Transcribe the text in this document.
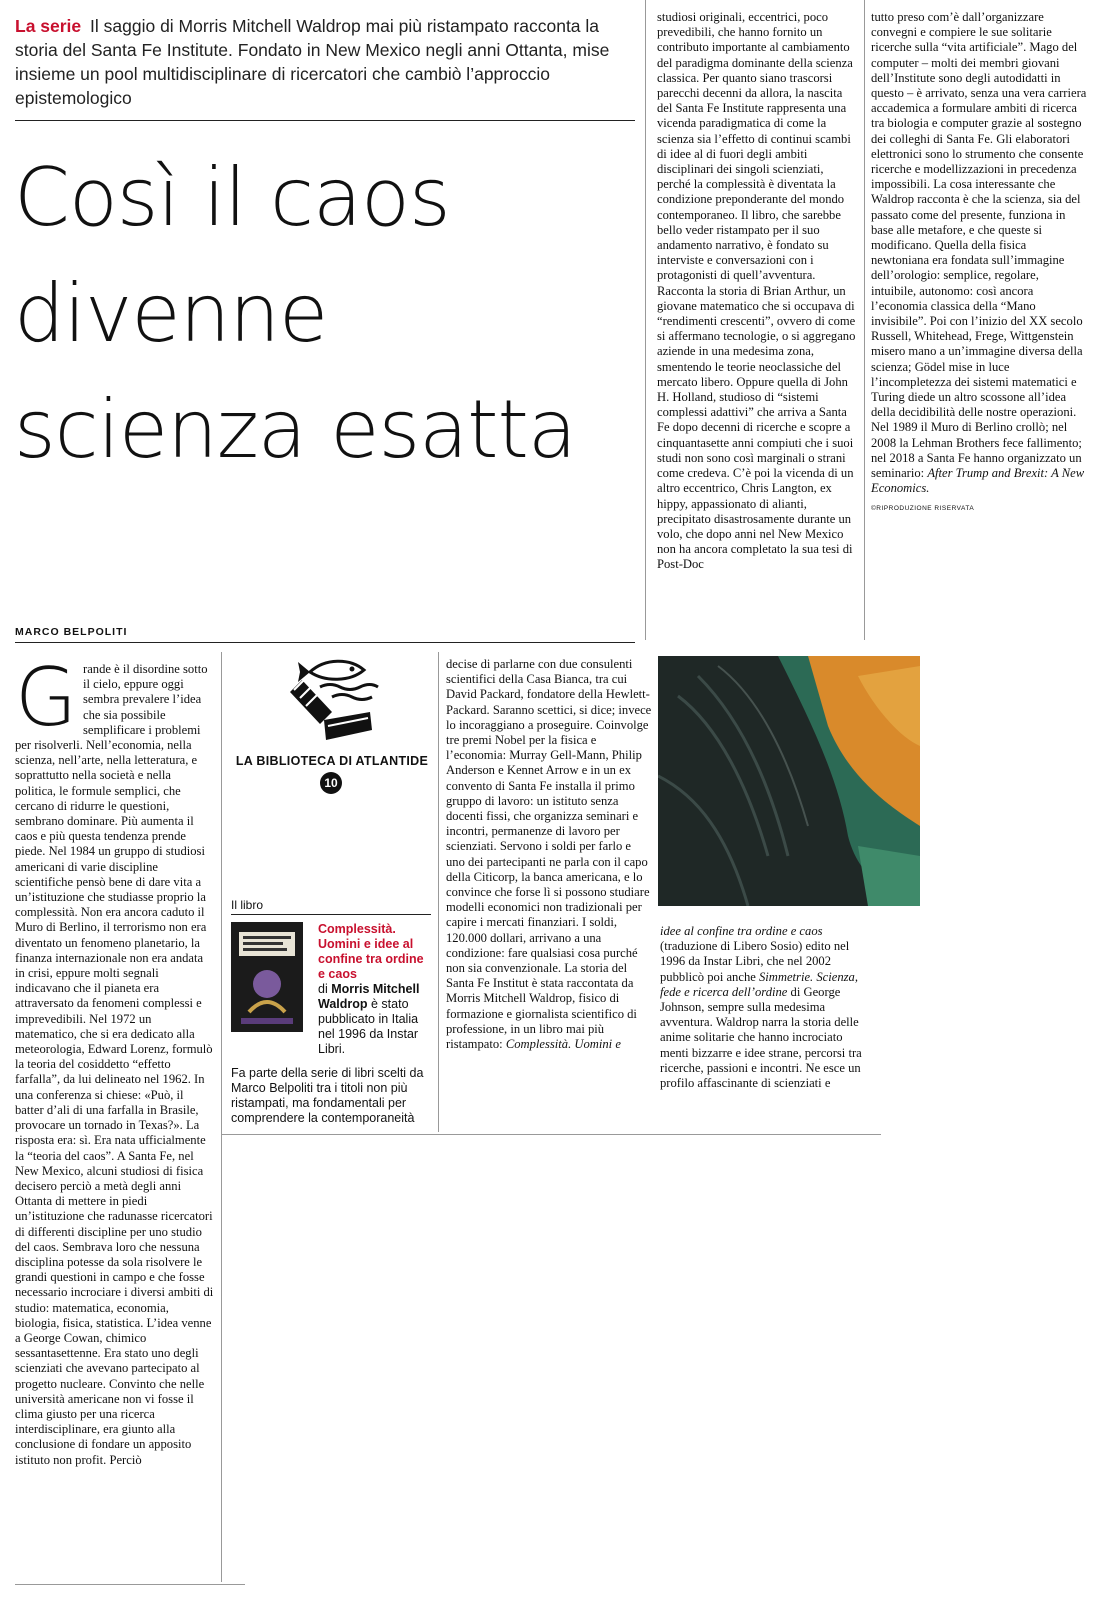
La serie Il saggio di Morris Mitchell Waldrop mai più ristampato racconta la storia del Santa Fe Institute. Fondato in New Mexico negli anni Ottanta, mise insieme un pool multidisciplinare di ricercatori che cambiò l’approccio epistemologico
Così il caos
divenne
scienza esatta
MARCO BELPOLITI
G rande è il disordine sotto il cielo, eppure oggi sembra prevalere l’idea che sia possibile semplificare i problemi per risolverli. Nell’economia, nella scienza, nell’arte, nella letteratura, e soprattutto nella società e nella politica, le formule semplici, che cercano di ridurre le questioni, sembrano dominare. Più aumenta il caos e più questa tendenza prende piede. Nel 1984 un gruppo di studiosi americani di varie discipline scientifiche pensò bene di dare vita a un’istituzione che studiasse proprio la complessità. Non era ancora caduto il Muro di Berlino, il terrorismo non era diventato un fenomeno planetario, la finanza internazionale non era andata in crisi, eppure molti segnali indicavano che il pianeta era attraversato da fenomeni complessi e imprevedibili. Nel 1972 un matematico, che si era dedicato alla meteorologia, Edward Lorenz, formulò la teoria del cosiddetto “effetto farfalla”, da lui delineato nel 1962. In una conferenza si chiese: «Può, il batter d’ali di una farfalla in Brasile, provocare un tornado in Texas?». La risposta era: sì. Era nata ufficialmente la “teoria del caos”. A Santa Fe, nel New Mexico, alcuni studiosi di fisica decisero perciò a metà degli anni Ottanta di mettere in piedi un’istituzione che radunasse ricercatori di differenti discipline per uno studio del caos. Sembrava loro che nessuna disciplina potesse da sola risolvere le grandi questioni in campo e che fosse necessario incrociare i diversi ambiti di studio: matematica, economia, biologia, fisica, statistica. L’idea venne a George Cowan, chimico sessantasettenne. Era stato uno degli scienziati che avevano partecipato al progetto nucleare. Convinto che nelle università americane non vi fosse il clima giusto per una ricerca interdisciplinare, era giunto alla conclusione di fondare un apposito istituto non profit. Perciò
LA BIBLIOTECA DI ATLANTIDE
10
Il libro
Complessità. Uomini e idee al confine tra ordine e caos
di Morris Mitchell Waldrop è stato pubblicato in Italia nel 1996 da Instar Libri.
Fa parte della serie di libri scelti da Marco Belpoliti tra i titoli non più ristampati, ma fondamentali per comprendere la contemporaneità
decise di parlarne con due consulenti scientifici della Casa Bianca, tra cui David Packard, fondatore della Hewlett-Packard. Saranno scettici, si dice; invece lo incoraggiano a proseguire. Coinvolge tre premi Nobel per la fisica e l’economia: Murray Gell-Mann, Philip Anderson e Kennet Arrow e in un ex convento di Santa Fe installa il primo gruppo di lavoro: un istituto senza docenti fissi, che organizza seminari e incontri, permanenze di lavoro per scienziati. Servono i soldi per farlo e uno dei partecipanti ne parla con il capo della Citicorp, la banca americana, e lo convince che forse lì si possono studiare modelli economici non tradizionali per capire i mercati finanziari. I soldi, 120.000 dollari, arrivano a una condizione: fare qualsiasi cosa purché non sia convenzionale. La storia del Santa Fe Institut è stata raccontata da Morris Mitchell Waldrop, fisico di formazione e giornalista scientifico di professione, in un libro mai più ristampato: Complessità. Uomini e
idee al confine tra ordine e caos (traduzione di Libero Sosio) edito nel 1996 da Instar Libri, che nel 2002 pubblicò poi anche Simmetrie. Scienza, fede e ricerca dell’ordine di George Johnson, sempre sulla medesima avventura. Waldrop narra la storia delle anime solitarie che hanno incrociato menti bizzarre e idee strane, percorsi tra ricerche, passioni e incontri. Ne esce un profilo affascinante di scienziati e
studiosi originali, eccentrici, poco prevedibili, che hanno fornito un contributo importante al cambiamento del paradigma dominante della scienza classica. Per quanto siano trascorsi parecchi decenni da allora, la nascita del Santa Fe Institute rappresenta una vicenda paradigmatica di come la scienza sia l’effetto di continui scambi di idee al di fuori degli ambiti disciplinari dei singoli scienziati, perché la complessità è diventata la condizione preponderante del mondo contemporaneo. Il libro, che sarebbe bello veder ristampato per il suo andamento narrativo, è fondato su interviste e conversazioni con i protagonisti di quell’avventura. Racconta la storia di Brian Arthur, un giovane matematico che si occupava di “rendimenti crescenti”, ovvero di come si affermano tecnologie, o si aggregano aziende in una medesima zona, smentendo le teorie neoclassiche del mercato libero. Oppure quella di John H. Holland, studioso di “sistemi complessi adattivi” che arriva a Santa Fe dopo decenni di ricerche e scopre a cinquantasette anni compiuti che i suoi studi non sono così marginali o strani come credeva. C’è poi la vicenda di un altro eccentrico, Chris Langton, ex hippy, appassionato di alianti, precipitato disastrosamente durante un volo, che dopo anni nel New Mexico non ha ancora completato la sua tesi di Post-Doc
tutto preso com’è dall’organizzare convegni e compiere le sue solitarie ricerche sulla “vita artificiale”. Mago del computer – molti dei membri giovani dell’Institute sono degli autodidatti in questo – è arrivato, senza una vera carriera accademica a formulare ambiti di ricerca tra biologia e computer grazie al sostegno dei colleghi di Santa Fe. Gli elaboratori elettronici sono lo strumento che consente ricerche e modellizzazioni in precedenza impossibili. La cosa interessante che Waldrop racconta è che la scienza, sia del passato come del presente, funziona in base alle metafore, e che queste si modificano. Quella della fisica newtoniana era fondata sull’immagine dell’orologio: semplice, regolare, intuibile, autonomo: così ancora l’economia classica della “Mano invisibile”. Poi con l’inizio del XX secolo Russell, Whitehead, Frege, Wittgenstein misero mano a un’immagine diversa della scienza; Gödel mise in luce l’incompletezza dei sistemi matematici e Turing diede un altro scossone all’idea della decidibilità delle nostre operazioni. Nel 1989 il Muro di Berlino crollò; nel 2008 la Lehman Brothers fece fallimento; nel 2018 a Santa Fe hanno organizzato un seminario: After Trump and Brexit: A New Economics.
©RIPRODUZIONE RISERVATA
